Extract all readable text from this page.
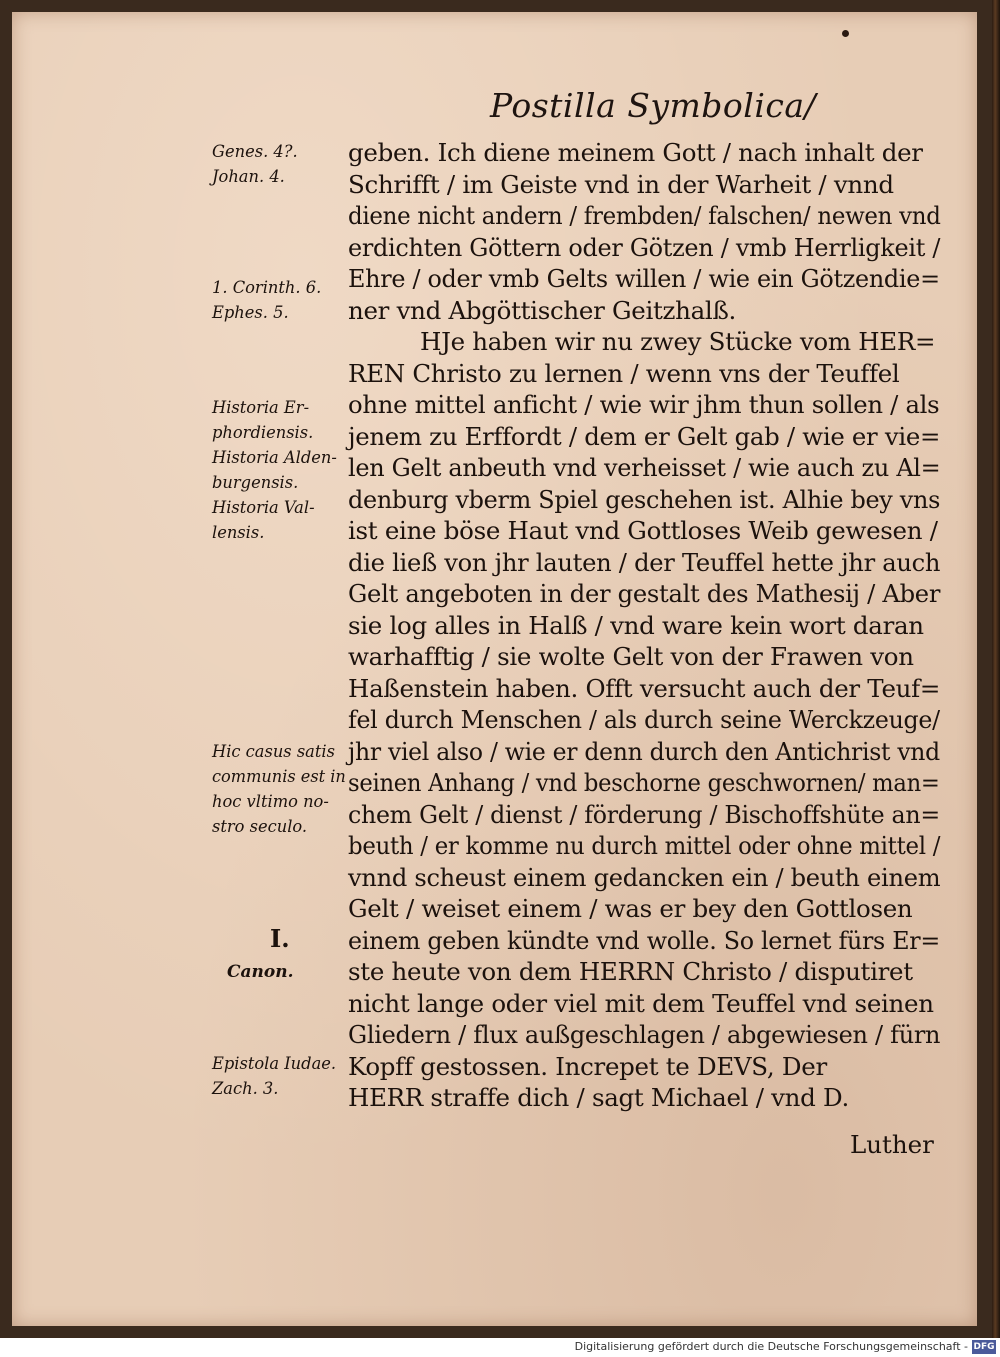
Postilla Symbolica/
geben. Ich diene meinem Gott / nach inhalt der
Schrifft / im Geiste vnd in der Warheit / vnnd
diene nicht andern / frembden/ falschen/ newen vnd
erdichten Göttern oder Götzen / vmb Herrligkeit /
Ehre / oder vmb Gelts willen / wie ein Götzendie=
ner vnd Abgöttischer Geitzhalß.
HJe haben wir nu zwey Stücke vom HER=
REN Christo zu lernen / wenn vns der Teuffel
ohne mittel anficht / wie wir jhm thun sollen / als
jenem zu Erffordt / dem er Gelt gab / wie er vie=
len Gelt anbeuth vnd verheisset / wie auch zu Al=
denburg vberm Spiel geschehen ist. Alhie bey vns
ist eine böse Haut vnd Gottloses Weib gewesen /
die ließ von jhr lauten / der Teuffel hette jhr auch
Gelt angeboten in der gestalt des Mathesij / Aber
sie log alles in Halß / vnd ware kein wort daran
warhafftig / sie wolte Gelt von der Frawen von
Haßenstein haben. Offt versucht auch der Teuf=
fel durch Menschen / als durch seine Werckzeuge/
jhr viel also / wie er denn durch den Antichrist vnd
seinen Anhang / vnd beschorne geschwornen/ man=
chem Gelt / dienst / förderung / Bischoffshüte an=
beuth / er komme nu durch mittel oder ohne mittel /
vnnd scheust einem gedancken ein / beuth einem
Gelt / weiset einem / was er bey den Gottlosen
einem geben kündte vnd wolle. So lernet fürs Er=
ste heute von dem HERRN Christo / disputiret
nicht lange oder viel mit dem Teuffel vnd seinen
Gliedern / flux außgeschlagen / abgewiesen / fürn
Kopff gestossen. Increpet te DEVS, Der
HERR straffe dich / sagt Michael / vnd D.
Genes. 4?.
Johan. 4.
1. Corinth. 6.
Ephes. 5.
Historia Er-
phordiensis.
Historia Alden-
burgensis.
Historia Val-
lensis.
Hic casus satis
communis est in
hoc vltimo no-
stro seculo.
Epistola Iudae.
Zach. 3.
I.
Canon.
Luther
Digitalisierung gefördert durch die Deutsche Forschungsgemeinschaft - DFG
